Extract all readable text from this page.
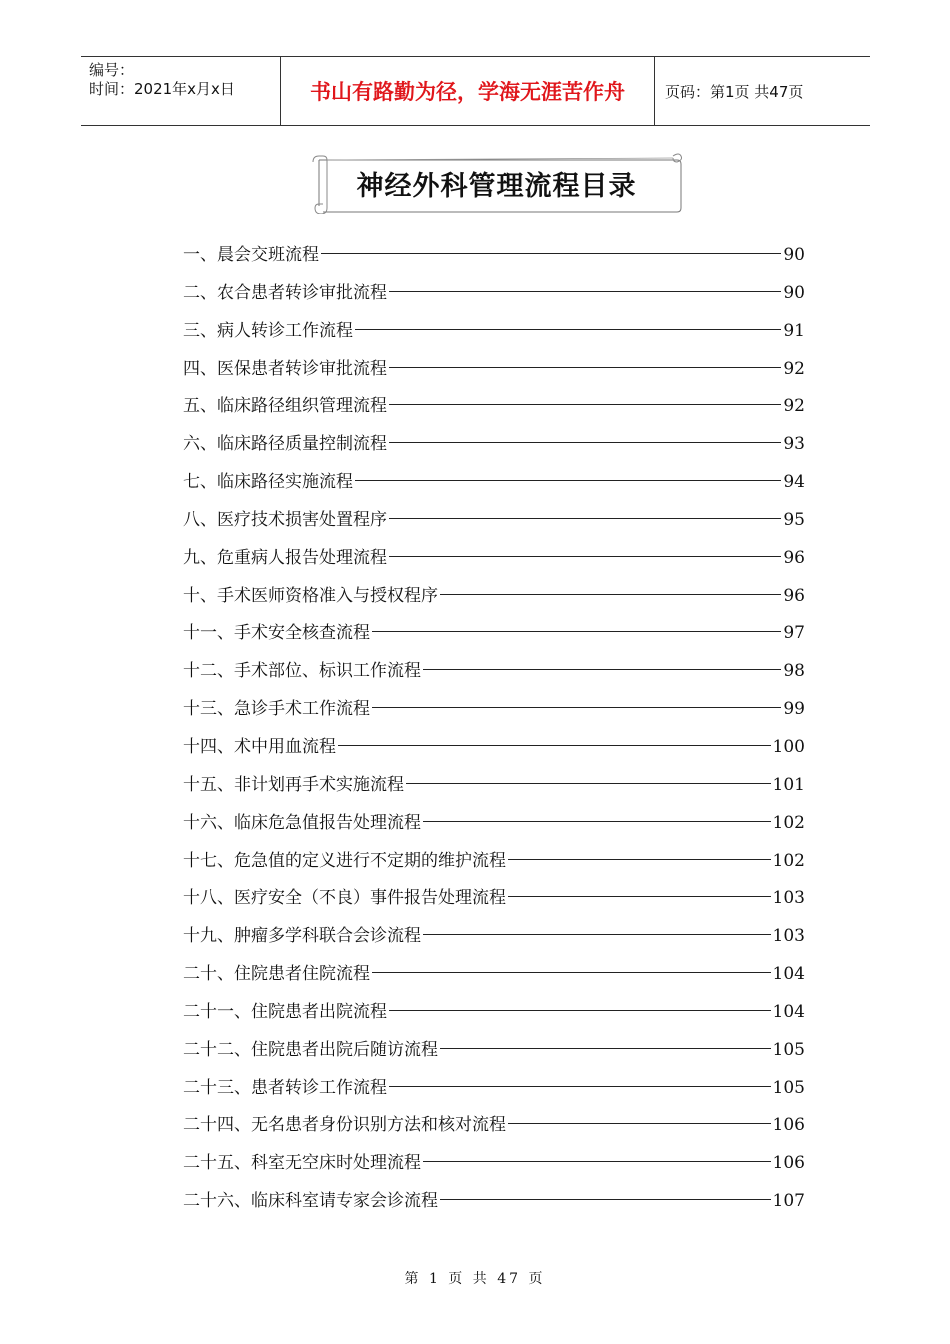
编号：
时间：2021年x月x日	书山有路勤为径，学海无涯苦作舟	页码：第1页 共47页
神经外科管理流程目录
一、晨会交班流程	90
二、农合患者转诊审批流程	90
三、病人转诊工作流程	91
四、医保患者转诊审批流程	92
五、临床路径组织管理流程	92
六、临床路径质量控制流程	93
七、临床路径实施流程	94
八、医疗技术损害处置程序	95
九、危重病人报告处理流程	96
十、手术医师资格准入与授权程序	96
十一、手术安全核查流程	97
十二、手术部位、标识工作流程	98
十三、急诊手术工作流程	99
十四、术中用血流程	100
十五、非计划再手术实施流程	101
十六、临床危急值报告处理流程	102
十七、危急值的定义进行不定期的维护流程	102
十八、医疗安全（不良）事件报告处理流程	103
十九、肿瘤多学科联合会诊流程	103
二十、住院患者住院流程	104
二十一、住院患者出院流程	104
二十二、住院患者出院后随访流程	105
二十三、患者转诊工作流程	105
二十四、无名患者身份识别方法和核对流程	106
二十五、科室无空床时处理流程	106
二十六、临床科室请专家会诊流程	107
第 1 页 共 47 页
